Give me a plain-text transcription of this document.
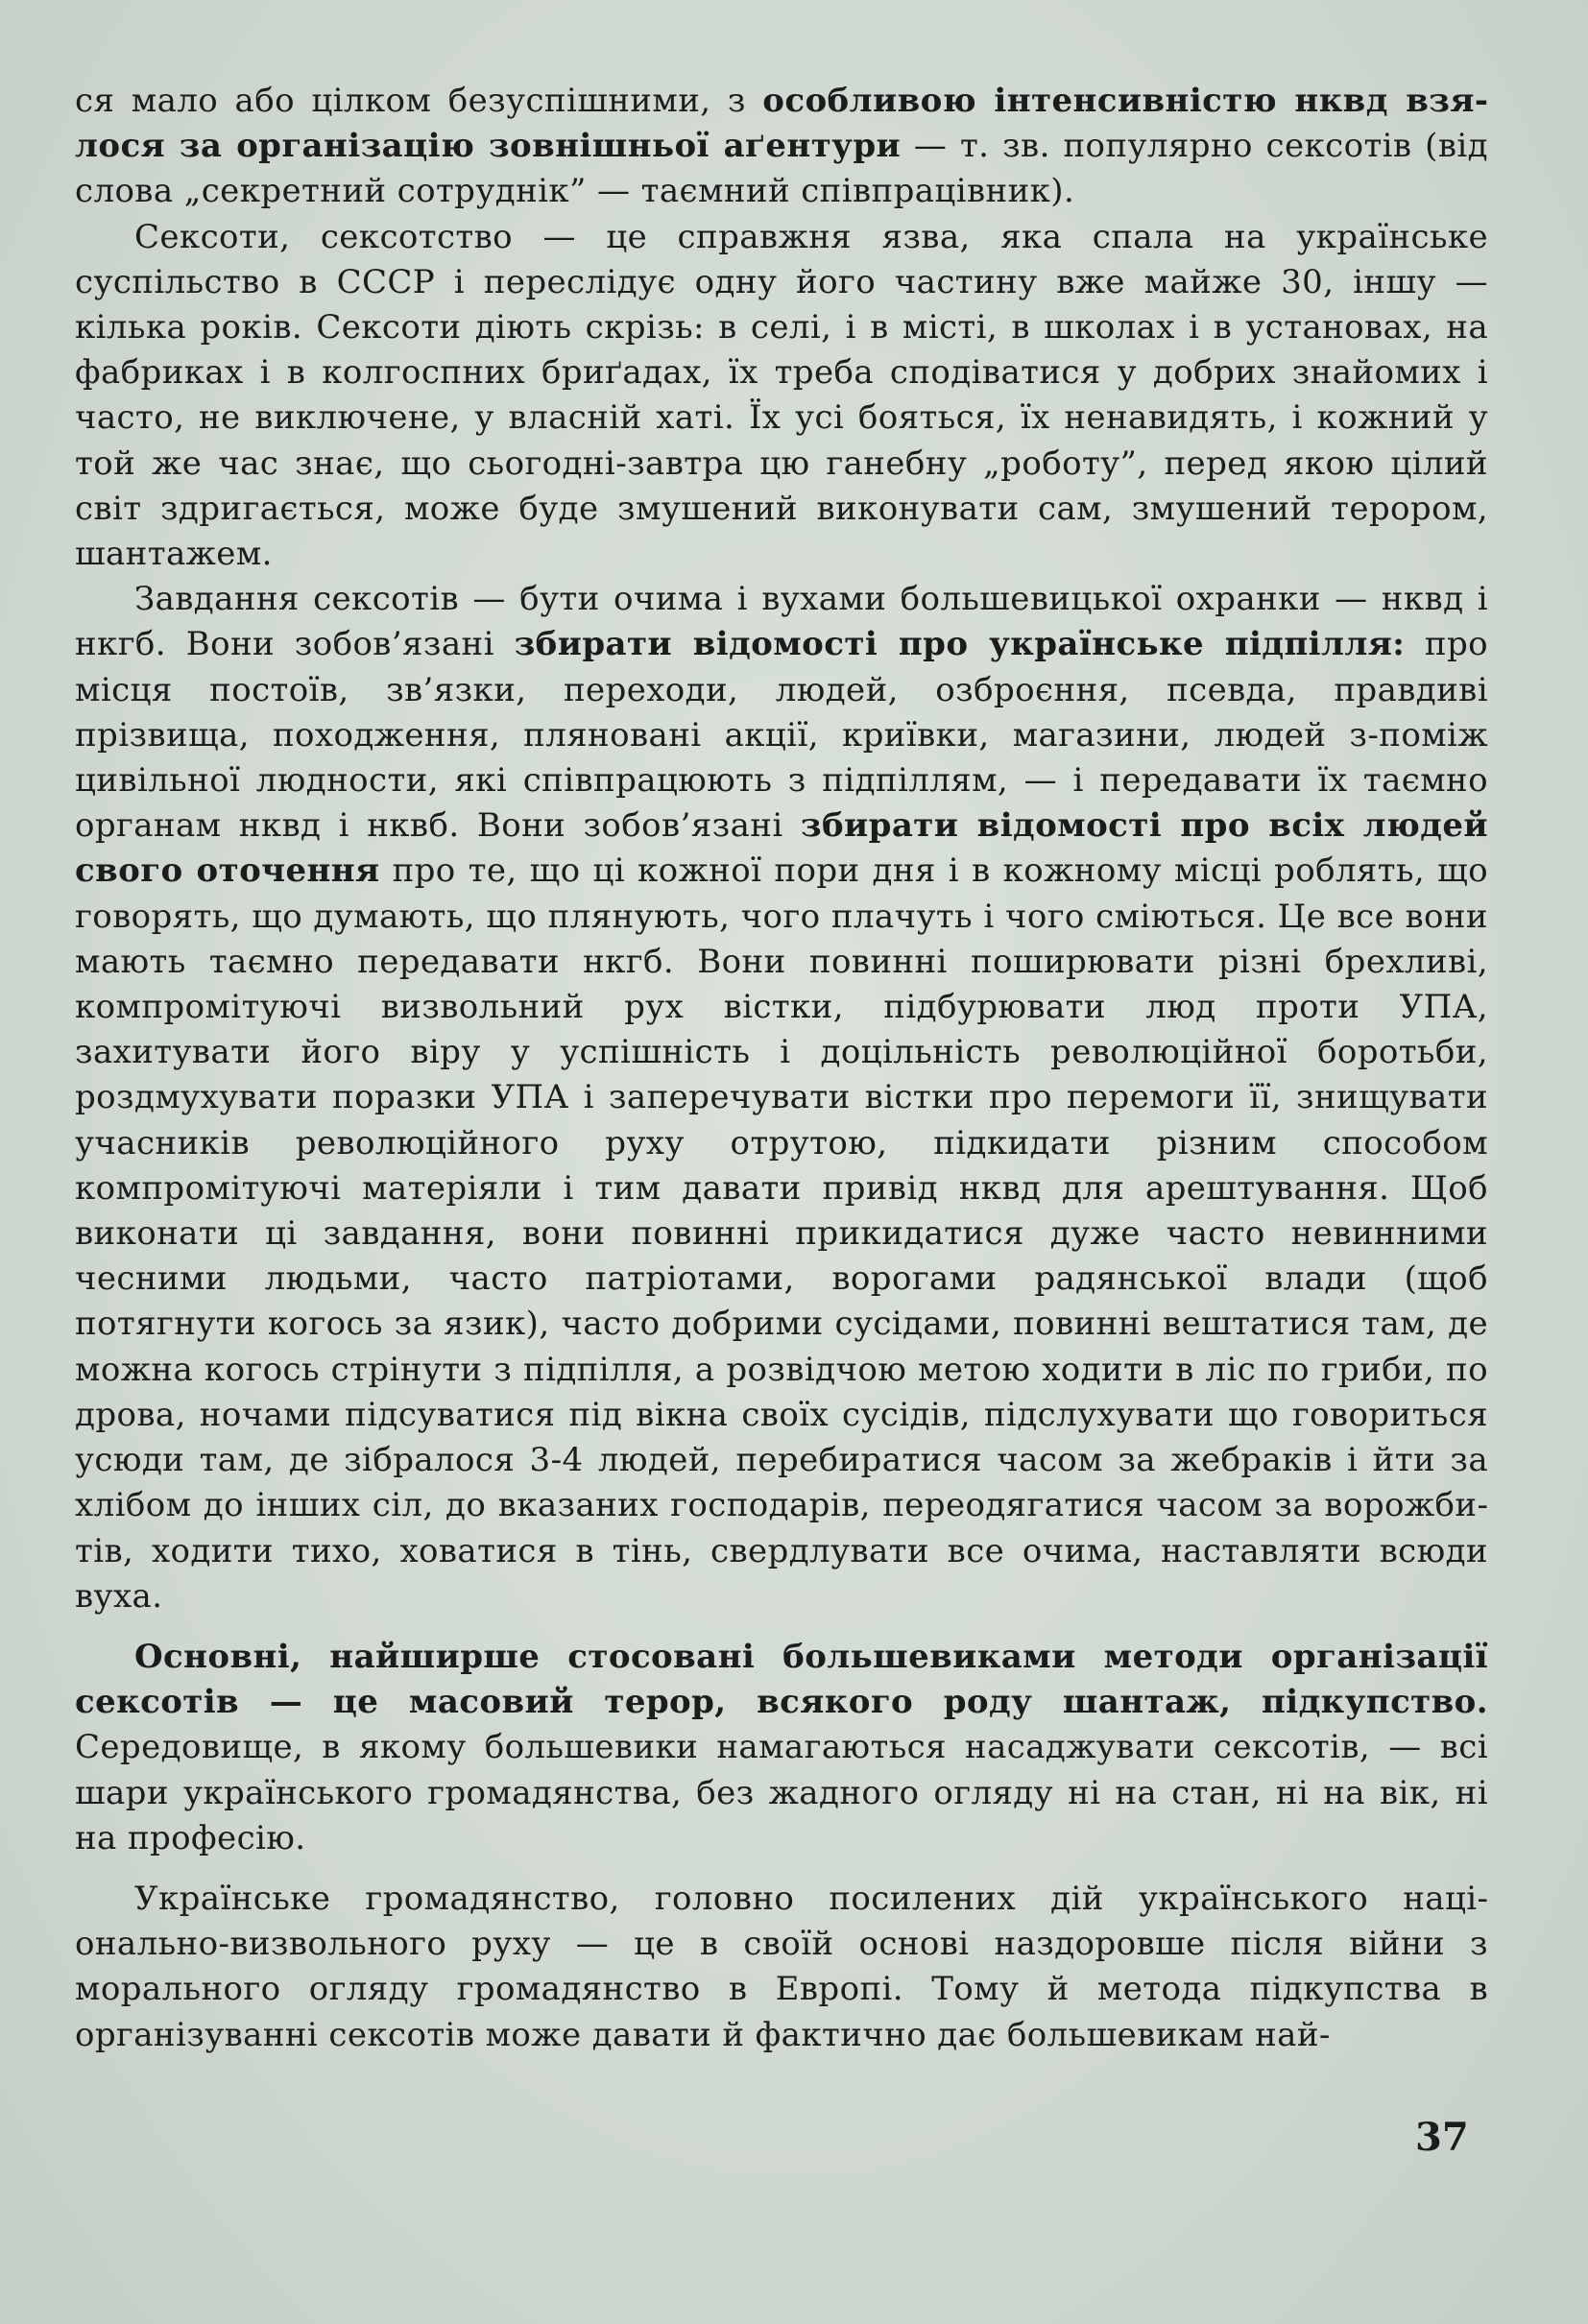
ся мало або цілком безуспішними, з особливою інтенсивністю нквд взялося за організацію зовнішньої аґентури — т. зв. популярно сексотів (від слова „секретний сотруднік” — таємний співпрацівник).

Сексоти, сексотство — це справжня язва, яка спала на українське суспільство в СССР і переслідує одну його частину вже майже 30, іншу — кілька років. Сексоти діють скрізь: в селі, і в місті, в школах і в установах, на фабриках і в колгоспних бриґадах, їх треба сподіватися у добрих знайомих і часто, не виключене, у власній хаті. Їх усі бояться, їх ненавидять, і кожний у той же час знає, що сьогодні-завтра цю ганебну „роботу”, перед якою цілий світ здригається, може буде змушений виконувати сам, змушений терором, шантажем.

Завдання сексотів — бути очима і вухами большевицької охранки — нквд і нкгб. Вони зобов’язані збирати відомості про українське підпілля: про місця постоїв, зв’язки, переходи, людей, озброєння, псевда, правдиві прізвища, походження, пляновані акції, криївки, магазини, людей з-поміж цивільної людности, які співпрацюють з підпіллям, — і передавати їх таємно органам нквд і нквб. Вони зобов’язані збирати відомості про всіх людей свого оточення про те, що ці кожної пори дня і в кожному місці роблять, що говорять, що думають, що плянують, чого плачуть і чого сміються. Це все вони мають таємно передавати нкгб. Вони повинні поширювати різні брехливі, компромітуючі визвольний рух вістки, підбурювати люд проти УПА, захитувати його віру у успішність і доцільність революційної боротьби, роздмухувати поразки УПА і заперечувати вістки про перемоги її, знищувати учасників революційного руху отрутою, підкидати різним способом компромітуючі матеріяли і тим давати привід нквд для арештування. Щоб виконати ці завдання, вони повинні прикидатися дуже часто невинними чесними людьми, часто патріотами, ворогами радянської влади (щоб потягнути когось за язик), часто добрими сусідами, повинні вештатися там, де можна когось стрінути з підпілля, а розвідчою метою ходити в ліс по гриби, по дрова, ночами підсуватися під вікна своїх сусідів, підслухувати що говориться усюди там, де зібралося 3-4 людей, перебиратися часом за жебраків і йти за хлібом до інших сіл, до вказаних господарів, переодягатися часом за ворожбитів, ходити тихо, ховатися в тінь, свердлувати все очима, наставляти всюди вуха.

Основні, найширше стосовані большевиками методи організації сексотів — це масовий терор, всякого роду шантаж, підкупство. Середовище, в якому большевики намагаються насаджувати сексотів, — всі шари українського громадянства, без жадного огляду ні на стан, ні на вік, ні на професію.

Українське громадянство, головно посилених дій українського національно-визвольного руху — це в своїй основі наздоровше після війни з морального огляду громадянство в Европі. Тому й метода підкупства в організуванні сексотів може давати й фактично дає большевикам най-

37
